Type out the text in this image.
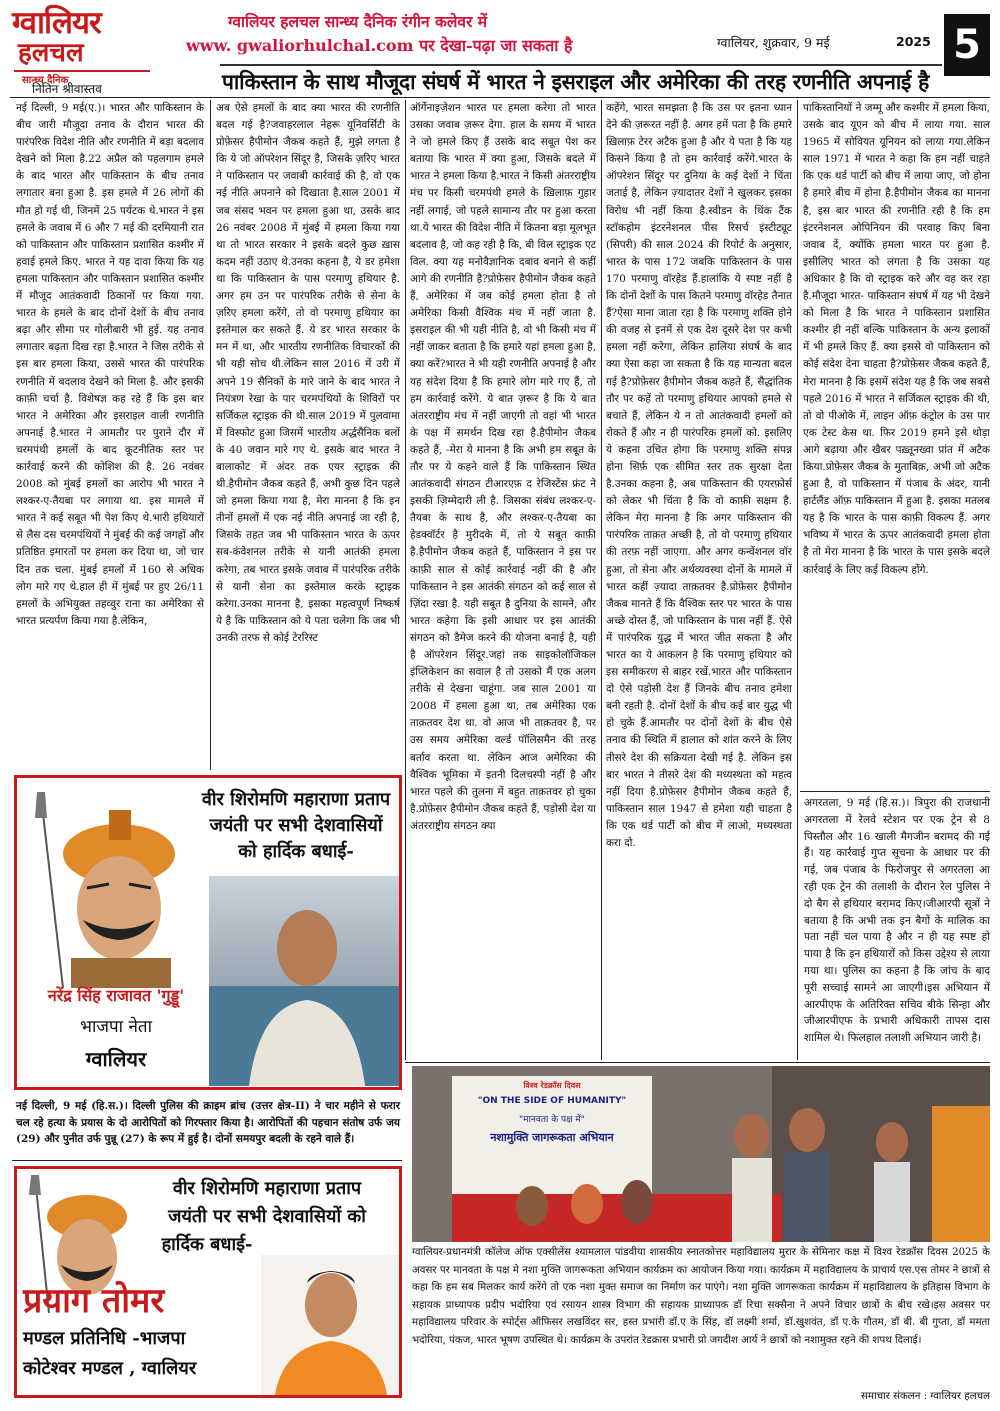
ग्वालियर
हलचल
सान्ध्य दैनिक
ग्वालियर हलचल सान्ध्य दैनिक रंगीन कलेवर में
www. gwaliorhulchal.com पर देखा-पढ़ा जा सकता है	ग्वालियर, शुक्रवार, 9 मई	2025 5
पाकिस्तान के साथ मौजूदा संघर्ष में भारत ने इसराइल और अमेरिका की तरह रणनीति अपनाई है
नितिन श्रीवास्तव
नई दिल्ली, 9 मई(ए.)। भारत और पाकिस्तान के बीच जारी मौजूदा तनाव के दौरान भारत की पारंपरिक विदेश नीति और रणनीति में बड़ा बदलाव देखने को मिला है.22 अप्रैल को पहलगाम हमले के बाद भारत और पाकिस्तान के बीच तनाव लगातार बना हुआ है. इस हमले में 26 लोगों की मौत हो गई थी, जिनमें 25 पर्यटक थे.भारत ने इस हमले के जवाब में 6 और 7 मई की दरमियानी रात को पाकिस्तान और पाकिस्तान प्रशासित कश्मीर में हवाई हमले किए. भारत ने यह दावा किया कि यह हमला पाकिस्तान और पाकिस्तान प्रशासित कश्मीर में मौजूद आतंकवादी ठिकानों पर किया गया. भारत के हमले के बाद दोनों देशों के बीच तनाव बढ़ा और सीमा पर गोलीबारी भी हुई. यह तनाव लगातार बढ़ता दिख रहा है.भारत ने जिस तरीके से इस बार हमला किया, उससे भारत की पारंपरिक रणनीति में बदलाव देखने को मिला है. और इसकी काफ़ी चर्चा है. विशेषज्ञ कह रहे हैं कि इस बार भारत ने अमेरिका और इसराइल वाली रणनीति अपनाई है.भारत ने आमतौर पर पुराने दौर में चरमपंथी हमलों के बाद कूटनीतिक स्तर पर कार्रवाई करने की कोशिश की है. 26 नवंबर 2008 को मुंबई हमलों का आरोप भी भारत ने लश्कर-ए-तैयबा पर लगाया था. इस मामले में भारत ने कई सबूत भी पेश किए थे.भारी हथियारों से लैस दस चरमपंथियों ने मुंबई की कई जगहों और प्रतिष्ठित इमारतों पर हमला कर दिया था, जो चार दिन तक चला. मुंबई हमलों में 160 से अधिक लोग मारे गए थे.हाल ही में मुंबई पर हुए 26/11 हमलों के अभियुक्त तहव्वुर राना का अमेरिका से भारत प्रत्यर्पण किया गया है.लेकिन,
अब ऐसे हमलों के बाद क्या भारत की रणनीति बदल गई है?जवाहरलाल नेहरू यूनिवर्सिटी के प्रोफ़ेसर हैपीमोन जैकब कहते हैं, मुझे लगता है कि ये जो ऑपरेशन सिंदूर है, जिसके ज़रिए भारत ने पाकिस्तान पर जवाबी कार्रवाई की है, वो एक नई नीति अपनाने को दिखाता है.साल 2001 में जब संसद भवन पर हमला हुआ था, उसके बाद 26 नवंबर 2008 में मुंबई में हमला किया गया था तो भारत सरकार ने इसके बदले कुछ ख़ास कदम नहीं उठाए थे.उनका कहना है, ये डर हमेशा था कि पाकिस्तान के पास परमाणु हथियार है. अगर हम उन पर पारंपरिक तरीके से सेना के ज़रिए हमला करेंगे, तो वो परमाणु हथियार का इस्तेमाल कर सकते हैं. ये डर भारत सरकार के मन में था, और भारतीय रणनीतिक विचारकों की भी यही सोच थी.लेकिन साल 2016 में उरी में अपने 19 सैनिकों के मारे जाने के बाद भारत ने नियंत्रण रेखा के पार चरमपंथियों के शिविरों पर सर्जिकल स्ट्राइक की थी.साल 2019 में पुलवामा में विस्फोट हुआ जिसमें भारतीय अर्द्धसैनिक बलों के 40 जवान मारे गए थे. इसके बाद भारत ने बालाकोट में अंदर तक एयर स्ट्राइक की थी.हैपीमोन जैकब कहते हैं, अभी कुछ दिन पहले जो हमला किया गया है, मेरा मानना है कि इन तीनों हमलों में एक नई नीति अपनाई जा रही है, जिसके तहत जब भी पाकिस्तान भारत के ऊपर सब-कंवेशनल तरीके से यानी आतंकी हमला करेगा, तब भारत इसके जवाब में पारंपरिक तरीके से यानी सेना का इस्तेमाल करके स्ट्राइक करेगा.उनका मानना है, इसका महत्वपूर्ण निष्कर्ष ये है कि पाकिस्तान को ये पता चलेगा कि जब भी उनकी तरफ से कोई टेररिस्ट
ऑर्गेनाइज़ेशन भारत पर हमला करेगा तो भारत उसका जवाब ज़रूर देगा. हाल के समय में भारत ने जो हमले किए हैं उसके बाद सबूत पेश कर बताया कि भारत में क्या हुआ, जिसके बदले में भारत ने हमला किया है.भारत ने किसी अंतरराष्ट्रीय मंच पर किसी चरमपंथी हमले के ख़िलाफ़ गुहार नहीं लगाई, जो पहले सामान्य तौर पर हुआ करता था.ये भारत की विदेश नीति में कितना बड़ा मूलभूत बदलाव है, जो कह रही है कि, बी विल स्ट्राइक एट विल. क्या यह मनोवैज्ञानिक दबाव बनाने से कहीं आगे की रणनीति है?प्रोफ़ेसर हैपीमोन जैकब कहते हैं, अमेरिका में जब कोई हमला होता है तो अमेरिका किसी वैश्विक मंच में नहीं जाता है. इसराइल की भी यही नीति है, वो भी किसी मंच में नहीं जाकर बताता है कि हमारे यहां हमला हुआ है, क्या करें?भारत ने भी यही रणनीति अपनाई है और यह संदेश दिया है कि हमारे लोग मारे गए हैं, तो हम कार्रवाई करेंगे. ये बात ज़रूर है कि ये बात अंतरराष्ट्रीय मंच में नहीं जाएगी तो वहां भी भारत के पक्ष में समर्थन दिख रहा है.हैपीमोन जैकब कहते हैं, -मेरा ये मानना है कि अभी हम सबूत के तौर पर ये कहने वाले हैं कि पाकिस्तान स्थित आतंकवादी संगठन टीआरएफ़ द रेजिस्टेंस फ्रंट ने इसकी ज़िम्मेदारी ली है. जिसका संबंध लश्कर-ए-तैयबा के साथ है, और लश्कर-ए-तैयबा का हेडक्वॉर्टर है मुरीदके में, तो ये सबूत काफ़ी है.हैपीमोन जैकब कहते हैं, पाकिस्तान ने इस पर काफ़ी साल से कोई कार्रवाई नहीं की है और पाकिस्तान ने इस आतंकी संगठन को कई साल से ज़िंदा रखा है. यही सबूत है दुनिया के सामने, और भारत कहेगा कि इसी आधार पर इस आतंकी संगठन को डैमेज करने की योजना बनाई है, यही है ऑपरेशन सिंदूर.जहां तक साइकोलॉजिकल इंप्लिकेशन का सवाल है तो उसको मैं एक अलग तरीके से देखना चाहूंगा. जब साल 2001 या 2008 में हमला हुआ था, तब अमेरिका एक ताक़तवर देश था. वो आज भी ताक़तवर है, पर उस समय अमेरिका वर्ल्ड पॉलिसमैन की तरह बर्ताव करता था. लेकिन आज अमेरिका की वैश्विक भूमिका में इतनी दिलचस्पी नहीं है और भारत पहले की तुलना में बहुत ताक़तवर हो चुका है.प्रोफ़ेसर हैपीमोन जैकब कहते हैं, पड़ोसी देश या अंतरराष्ट्रीय संगठन क्या
कहेंगे, भारत समझता है कि उस पर इतना ध्यान देने की ज़रूरत नहीं है. अगर हमें पता है कि हमारे ख़िलाफ़ टेरर अटैक हुआ है और ये पता है कि यह किसने किया है तो हम कार्रवाई करेंगे.भारत के ऑपरेशन सिंदूर पर दुनिया के कई देशों ने चिंता जताई है, लेकिन ज़्यादातर देशों ने खुलकर इसका विरोध भी नहीं किया है.स्वीडन के थिंक टैंक स्टॉकहोम इंटरनेशनल पीस रिसर्च इंस्टीट्यूट (सिपरी) की साल 2024 की रिपोर्ट के अनुसार, भारत के पास 172 जबकि पाकिस्तान के पास 170 परमाणु वॉरहेड हैं.हालांकि ये स्पष्ट नहीं है कि दोनों देशों के पास कितने परमाणु वॉरहेड तैनात हैं?ऐसा माना जाता रहा है कि परमाणु शक्ति होने की वजह से इनमें से एक देश दूसरे देश पर कभी हमला नहीं करेगा, लेकिन हालिया संघर्ष के बाद क्या ऐसा कहा जा सकता है कि यह मान्यता बदल गई है?प्रोफ़ेसर हैपीमोन जैकब कहते हैं, सैद्धांतिक तौर पर कहें तो परमाणु हथियार आपको हमले से बचाते हैं, लेकिन ये न तो आतंकवादी हमलों को रोकते हैं और न ही पारंपरिक हमलों को. इसलिए ये कहना उचित होगा कि परमाणु शक्ति संपन्न होना सिर्फ़ एक सीमित स्तर तक सुरक्षा देता है.उनका कहना है, अब पाकिस्तान की एयरफ़ोर्स को लेकर भी चिंता है कि वो काफ़ी सक्षम है. लेकिन मेरा मानना है कि अगर पाकिस्तान की पारंपरिक ताक़त अच्छी है, तो वो परमाणु हथियार की तरफ़ नहीं जाएगा. और अगर कन्वेंशनल वॉर हुआ, तो सेना और अर्थव्यवस्था दोनों के मामले में भारत कहीं ज़्यादा ताक़तवर है.प्रोफ़ेसर हैपीमोन जैकब मानते हैं कि वैश्विक स्तर पर भारत के पास अच्छे दोस्त हैं, जो पाकिस्तान के पास नहीं हैं. ऐसे में पारंपरिक युद्ध में भारत जीत सकता है और भारत का ये आकलन है कि परमाणु हथियार को इस समीकरण से बाहर रखें.भारत और पाकिस्तान दो ऐसे पड़ोसी देश हैं जिनके बीच तनाव हमेशा बनी रहती है. दोनों देशों के बीच कई बार युद्ध भी हो चुके हैं.आमतौर पर दोनों देशों के बीच ऐसे तनाव की स्थिति में हालात को शांत करने के लिए तीसरे देश की सक्रियता देखी गई है. लेकिन इस बार भारत ने तीसरे देश की मध्यस्थता को महत्व नहीं दिया है.प्रोफ़ेसर हैपीमोन जैकब कहते हैं, पाकिस्तान साल 1947 से हमेशा यही चाहता है कि एक थर्ड पार्टी को बीच में लाओ, मध्यस्थता करा दो.
पाकिस्तानियों ने जम्मू और कश्मीर में हमला किया, उसके बाद यूएन को बीच में लाया गया. साल 1965 में सोवियत यूनियन को लाया गया.लेकिन साल 1971 में भारत ने कहा कि हम नहीं चाहते कि एक थर्ड पार्टी को बीच में लाया जाए, जो होना है हमारे बीच में होना है.हैपीमोन जैकब का मानना है, इस बार भारत की रणनीति रही है कि हम इंटरनेशनल ओपिनियन की परवाह किए बिना जवाब दें, क्योंकि हमला भारत पर हुआ है. इसीलिए भारत को लगता है कि उसका यह अधिकार है कि वो स्ट्राइक करे और वह कर रहा है.मौजूदा भारत- पाकिस्तान संघर्ष में यह भी देखने को मिला है कि भारत ने पाकिस्तान प्रशासित कश्मीर ही नहीं बल्कि पाकिस्तान के अन्य इलाकों में भी हमले किए हैं. क्या इससे वो पाकिस्तान को कोई संदेश देना चाहता है?प्रोफ़ेसर जैकब कहते हैं, मेरा मानना है कि इसमें संदेश यह है कि जब सबसे पहले 2016 में भारत ने सर्जिकल स्ट्राइक की थी, तो वो पीओके में, लाइन ऑफ़ कंट्रोल के उस पार एक टेस्ट केस था. फिर 2019 हमने इसे थोड़ा आगे बढ़ाया और खैबर पख़्तूनख्वा प्रांत में अटैक किया.प्रोफ़ेसर जैकब के मुताबिक़, अभी जो अटैक हुआ है, वो पाकिस्तान में पंजाब के अंदर, यानी हार्टलैंड ऑफ़ पाकिस्तान में हुआ है. इसका मतलब यह है कि भारत के पास काफ़ी विकल्प हैं. अगर भविष्य में भारत के ऊपर आतंकवादी हमला होता है तो मेरा मानना है कि भारत के पास इसके बदले कार्रवाई के लिए कई विकल्प होंगे.
वीर शिरोमणि महाराणा प्रताप
जयंती पर सभी देशवासियों
को हार्दिक बधाई-
नरेंद्र सिंह राजावत 'गुड्डू'
भाजपा नेता
ग्वालियर
नई दिल्ली, 9 मई (हि.स.)। दिल्ली पुलिस की क्राइम ब्रांच (उत्तर क्षेत्र-II) ने चार महीने से फरार चल रहे हत्या के प्रयास के दो आरोपितों को गिरफ्तार किया है। आरोपितों की पहचान संतोष उर्फ जय (29) और पुनीत उर्फ पुन्नू (27) के रूप में हुई है। दोनों समयपुर बदली के रहने वाले हैं।
वीर शिरोमणि महाराणा प्रताप
जयंती पर सभी देशवासियों को
हार्दिक बधाई-
प्रयाग तोमर
मण्डल प्रतिनिधि -भाजपा
कोटेश्वर मण्डल , ग्वालियर
अगरतला, 9 मई (हि.स.)। त्रिपुरा की राजधानी अगरतला में रेलवे स्टेशन पर एक ट्रेन से 8 पिस्तौल और 16 खाली मैगजीन बरामद की गई हैं। यह कार्रवाई गुप्त सूचना के आधार पर की गई, जब पंजाब के फिरोजपुर से अगरतला आ रही एक ट्रेन की तलाशी के दौरान रेल पुलिस ने दो बैग से हथियार बरामद किए।जीआरपी सूत्रों ने बताया है कि अभी तक इन बैगों के मालिक का पता नहीं चल पाया है और न ही यह स्पष्ट हो पाया है कि इन हथियारों को किस उद्देश्य से लाया गया था। पुलिस का कहना है कि जांच के बाद पूरी सच्चाई सामने आ जाएगी।इस अभियान में आरपीएफ के अतिरिक्त सचिव बीके सिन्हा और जीआरपीएफ के प्रभारी अधिकारी तापस दास शामिल थे। फिलहाल तलाशी अभियान जारी है।
विश्व रेडक्रॉस दिवस
"ON THE SIDE OF HUMANITY"
"मानवता के पक्ष में"
नशामुक्ति जागरूकता अभियान
ग्वालियर-प्रधानमंत्री कॉलेज ऑफ एक्सीलेंस श्यामलाल पांडवीया शासकीय स्नातकोत्तर महाविद्यालय मुरार के सेमिनार कक्ष में विश्व रेडक्रॉस दिवस 2025 के अवसर पर मानवता के पक्ष मे नशा मुक्ति जागरूकता अभियान कार्यक्रम का आयोजन किया गया। कार्यक्रम में महाविद्यालय के प्राचार्य एस.एस तोमर ने छात्रों से कहा कि हम सब मिलकर कार्य करेंगे तो एक नशा मुक्त समाज का निर्माण कर पाएंगे। नशा मुक्ति जागरूकता कार्यक्रम में महाविद्यालय के इतिहास विभाग के सहायक प्राध्यापक प्रदीप भदोरिया एवं रसायन शास्त्र विभाग की सहायक प्राध्यापक डॉ रिचा सक्सैना ने अपने विचार छात्रों के बीच रखे।इस अवसर पर महाविद्यालय परिवार के स्पोर्ट्स ऑफिसर लखविंदर सर, हस्त प्रभारी डॉ.ए के सिंह, डॉ लक्ष्मी शर्मा, डॉ.खुशवंत, डॉ ए.के गौतम, डॉ बी. बी गुप्ता, डॉ ममता भदोरिया, पंकज, भारत भूषण उपस्थित थे। कार्यक्रम के उपरांत रेडक्रास प्रभारी प्रो जगदीश आर्य ने छात्रों को नशामुक्त रहने की शपथ दिलाई।
समाचार संकलन : ग्वालियर हलचल
